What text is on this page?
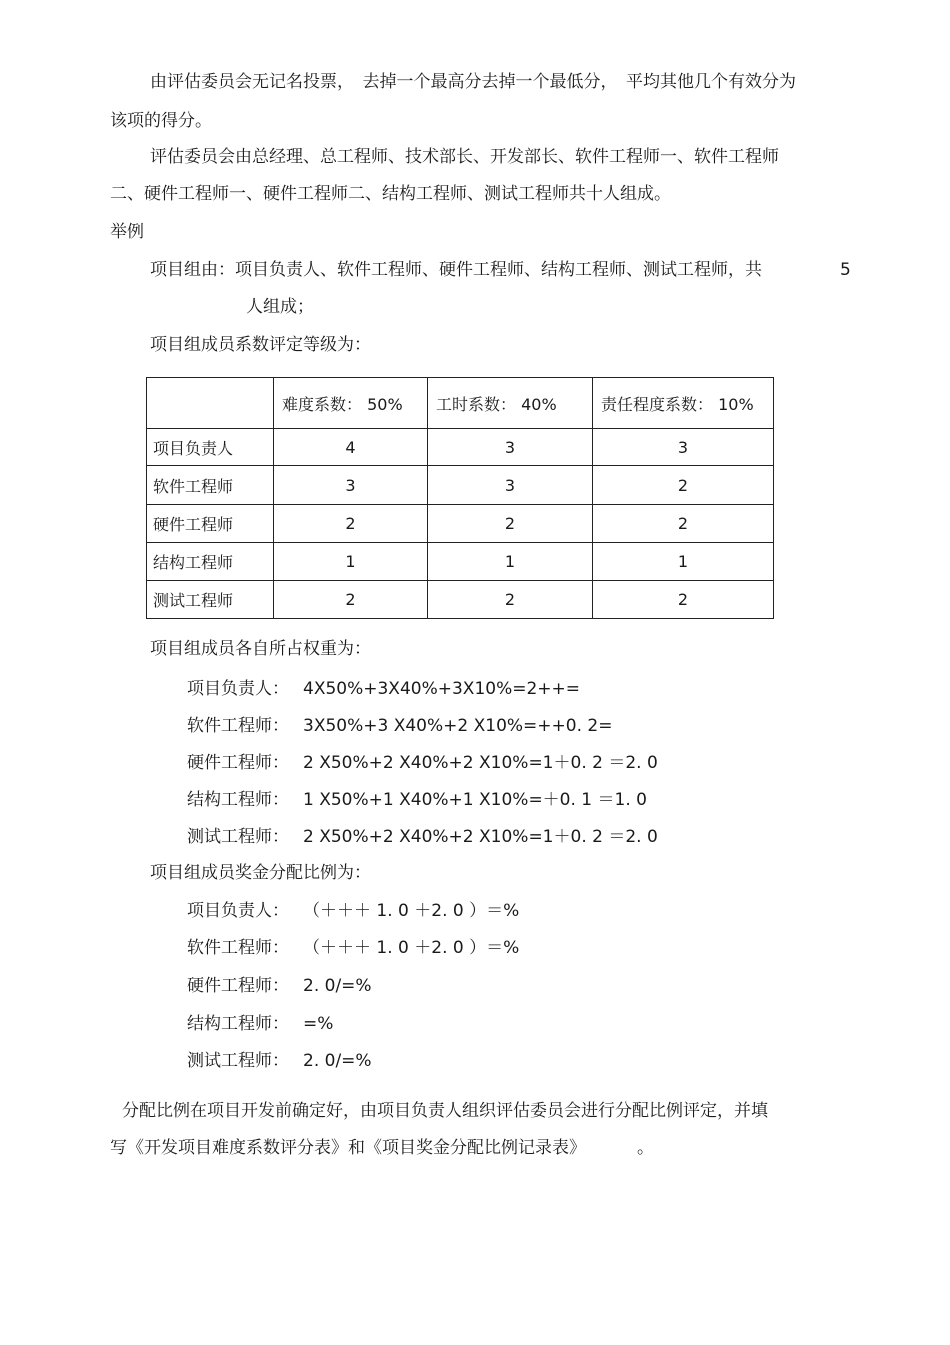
由评估委员会无记名投票，　去掉一个最高分去掉一个最低分，　平均其他几个有效分为
该项的得分。
评估委员会由总经理、总工程师、技术部长、开发部长、软件工程师一、软件工程师
二、硬件工程师一、硬件工程师二、结构工程师、测试工程师共十人组成。
举例
项目组由：项目负责人、软件工程师、硬件工程师、结构工程师、测试工程师，共	5
人组成；
项目组成员系数评定等级为：
	难度系数： 50%	工时系数： 40%	责任程度系数： 10%
项目负责人	4	3	3
软件工程师	3	3	2
硬件工程师	2	2	2
结构工程师	1	1	1
测试工程师	2	2	2
项目组成员各自所占权重为：
项目负责人： 4X50%+3X40%+3X10%=2++=
软件工程师： 3X50%+3 X40%+2 X10%=++0. 2=
硬件工程师： 2 X50%+2 X40%+2 X10%=1＋0. 2 ＝2. 0
结构工程师： 1 X50%+1 X40%+1 X10%=＋0. 1 ＝1. 0
测试工程师： 2 X50%+2 X40%+2 X10%=1＋0. 2 ＝2. 0
项目组成员奖金分配比例为：
项目负责人： （＋＋＋ 1. 0 ＋2. 0 ）＝%
软件工程师： （＋＋＋ 1. 0 ＋2. 0 ）＝%
硬件工程师： 2. 0/=%
结构工程师： =%
测试工程师： 2. 0/=%
分配比例在项目开发前确定好，由项目负责人组织评估委员会进行分配比例评定，并填
写《开发项目难度系数评分表》和《项目奖金分配比例记录表》	。
